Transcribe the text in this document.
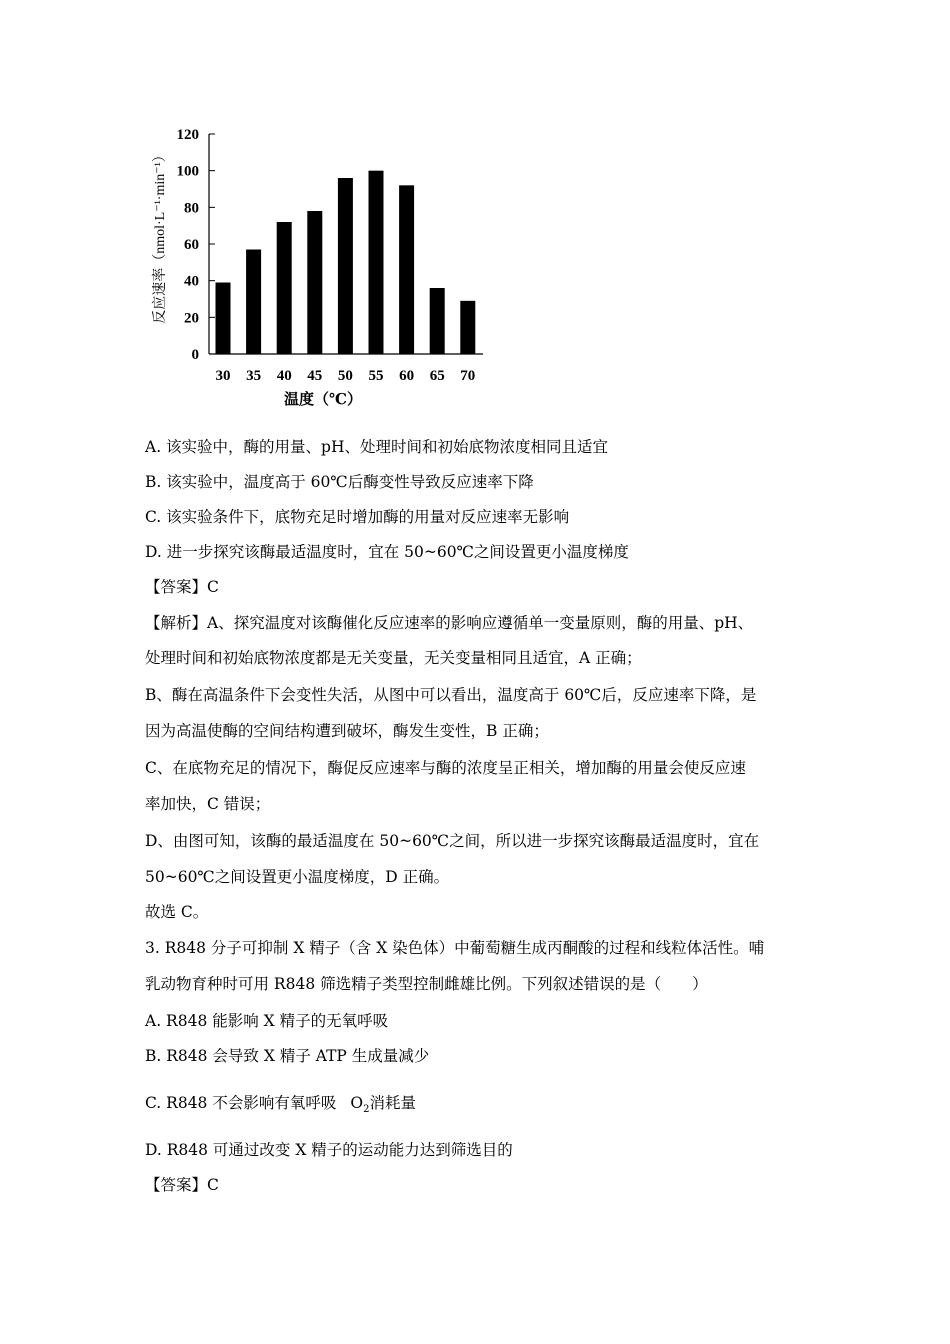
反应速率（nmol·L⁻¹·min⁻¹）
0
20
40
60
80
100
120
30 35 40 45 50 55 60 65 70
温度（℃）
A. 该实验中，酶的用量、pH、处理时间和初始底物浓度相同且适宜
B. 该实验中，温度高于 60℃后酶变性导致反应速率下降
C. 该实验条件下，底物充足时增加酶的用量对反应速率无影响
D. 进一步探究该酶最适温度时，宜在 50~60℃之间设置更小温度梯度
【答案】C
【解析】A、探究温度对该酶催化反应速率的影响应遵循单一变量原则，酶的用量、pH、
处理时间和初始底物浓度都是无关变量，无关变量相同且适宜，A 正确；
B、酶在高温条件下会变性失活，从图中可以看出，温度高于 60℃后，反应速率下降，是
因为高温使酶的空间结构遭到破坏，酶发生变性，B 正确；
C、在底物充足的情况下，酶促反应速率与酶的浓度呈正相关，增加酶的用量会使反应速
率加快，C 错误；
D、由图可知，该酶的最适温度在 50~60℃之间，所以进一步探究该酶最适温度时，宜在
50~60℃之间设置更小温度梯度，D 正确。
故选 C。
3. R848 分子可抑制 X 精子（含 X 染色体）中葡萄糖生成丙酮酸的过程和线粒体活性。哺
乳动物育种时可用 R848 筛选精子类型控制雌雄比例。下列叙述错误的是（　　）
A. R848 能影响 X 精子的无氧呼吸
B. R848 会导致 X 精子 ATP 生成量减少
C. R848 不会影响有氧呼吸 $O_2$消耗量
D. R848 可通过改变 X 精子的运动能力达到筛选目的
【答案】C
